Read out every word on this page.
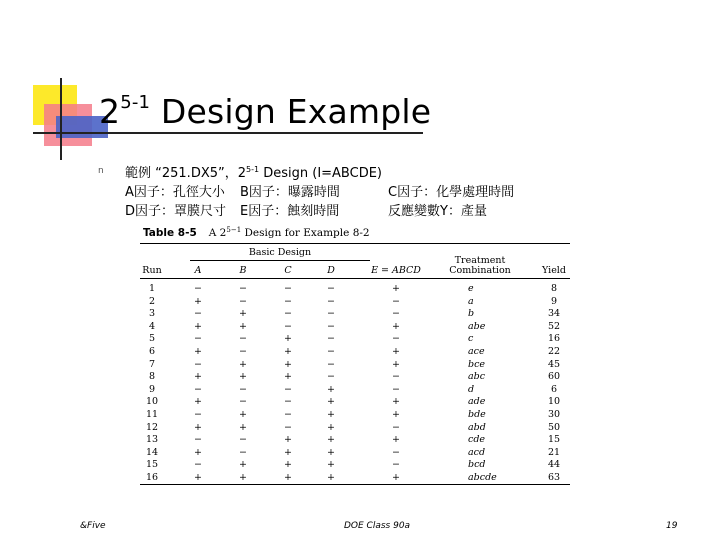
2$^{5-1}$ Design Example
n 範例 “251.DX5”，2$^{5-1}$ Design (I=ABCDE)
A因子：孔徑大小 B因子：曝露時間	C因子：化學處理時間
D因子：罩膜尺寸 E因子：蝕刻時間	反應變數Y：產量
Table 8-5 A $2^{5-1}$ Design for Example 8-2
Basic Design
Run	A	B	C	D	E = ABCD
Treatment
Combination	Yield
1	−	−	−	−	+	e	8
2	+	−	−	−	−	a	9
3	−	+	−	−	−	b	34
4	+	+	−	−	+	abe	52
5	−	−	+	−	−	c	16
6	+	−	+	−	+	ace	22
7	−	+	+	−	+	bce	45
8	+	+	+	−	−	abc	60
9	−	−	−	+	−	d	6
10	+	−	−	+	+	ade	10
11	−	+	−	+	+	bde	30
12	+	+	−	+	−	abd	50
13	−	−	+	+	+	cde	15
14	+	−	+	+	−	acd	21
15	−	+	+	+	−	bcd	44
16	+	+	+	+	+	abcde	63
&Five	DOE Class 90a	19
